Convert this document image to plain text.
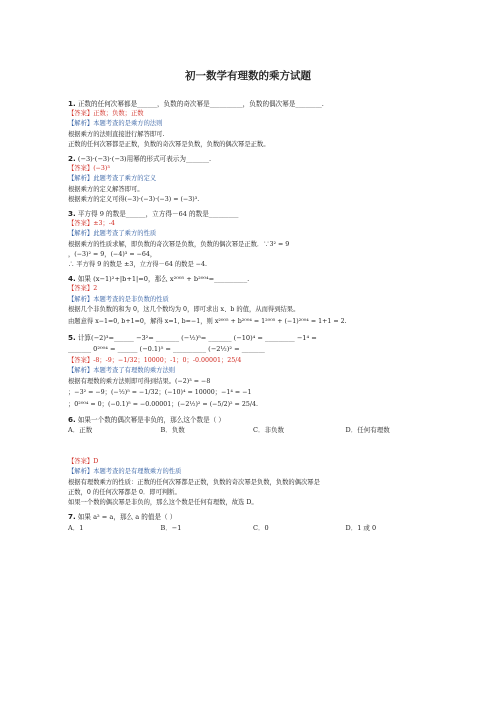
初一数学有理数的乘方试题
1. 正数的任何次幂都是______，负数的奇次幂是__________，负数的偶次幂是________.
【答案】正数；负数；正数
【解析】本题考查的是乘方的法则
根据乘方的法则直接进行解答即可.
正数的任何次幂都是正数，负数的奇次幂是负数，负数的偶次幂是正数。
2. (−3)·(−3)·(−3)用幂的形式可表示为_______.
【答案】(−3)³
【解析】此题考查了乘方的定义
根据乘方的定义解答即可。
根据乘方的定义可得(−3)·(−3)·(−3) = (−3)³.
3. 平方得 9 的数是______，立方得－64 的数是_________
【答案】±3；-4
【解析】此题考查了乘方的性质
根据乘方的性质求解，即负数的奇次幂是负数，负数的偶次幂是正数．∵3² = 9
，(−3)² = 9，(−4)³ = −64，
∴ 平方得 9 的数是 ±3，立方得－64 的数是 −4.
4. 如果 (x−1)²+|b+1|=0，那么 x²⁰⁰⁵ + b²⁰⁰⁴=__________.
【答案】2
【解析】本题考查的是非负数的性质
根据几个非负数的和为 0，这几个数均为 0，即可求出 x、b 的值，从而得到结果。
由题意得 x−1=0, b+1=0，解得 x=1, b=−1，则 x²⁰⁰⁵ + b²⁰⁰⁴ = 1²⁰⁰⁵ + (−1)²⁰⁰⁴ = 1+1 = 2.
5. 计算(−2)³=______ −3²= _______ (−½)⁵= _______ (−10)⁴ = _________ −1⁴ =
_______ 0²⁰⁰⁴ = ______ (−0.1)⁵ = __________ (−2½)² = _______
【答案】-8；-9；−1/32；10000；-1；0；-0.00001；25/4
【解析】本题考查了有理数的乘方法则
根据有理数的乘方法则即可得到结果。(−2)³ = −8
；−3² = −9；(−½)⁵ = −1/32；(−10)⁴ = 10000；−1⁴ = −1
；0²⁰⁰⁴ = 0；(−0.1)⁵ = −0.00001；(−2½)² = (−5/2)² = 25/4.
6. 如果一个数的偶次幂是非负的，那么这个数是（ ）
A．正数	B．负数	C．非负数	D．任何有理数
【答案】D
【解析】本题考查的是有理数乘方的性质
根据有理数乘方的性质：正数的任何次幂都是正数，负数的奇次幂是负数，负数的偶次幂是
正数，0 的任何次幂都是 0．即可判断。
如果一个数的偶次幂是非负的，那么这个数是任何有理数，故选 D。
7. 如果 a² = a，那么 a 的值是（ ）
A．1	B．−1	C．0	D．1 或 0
